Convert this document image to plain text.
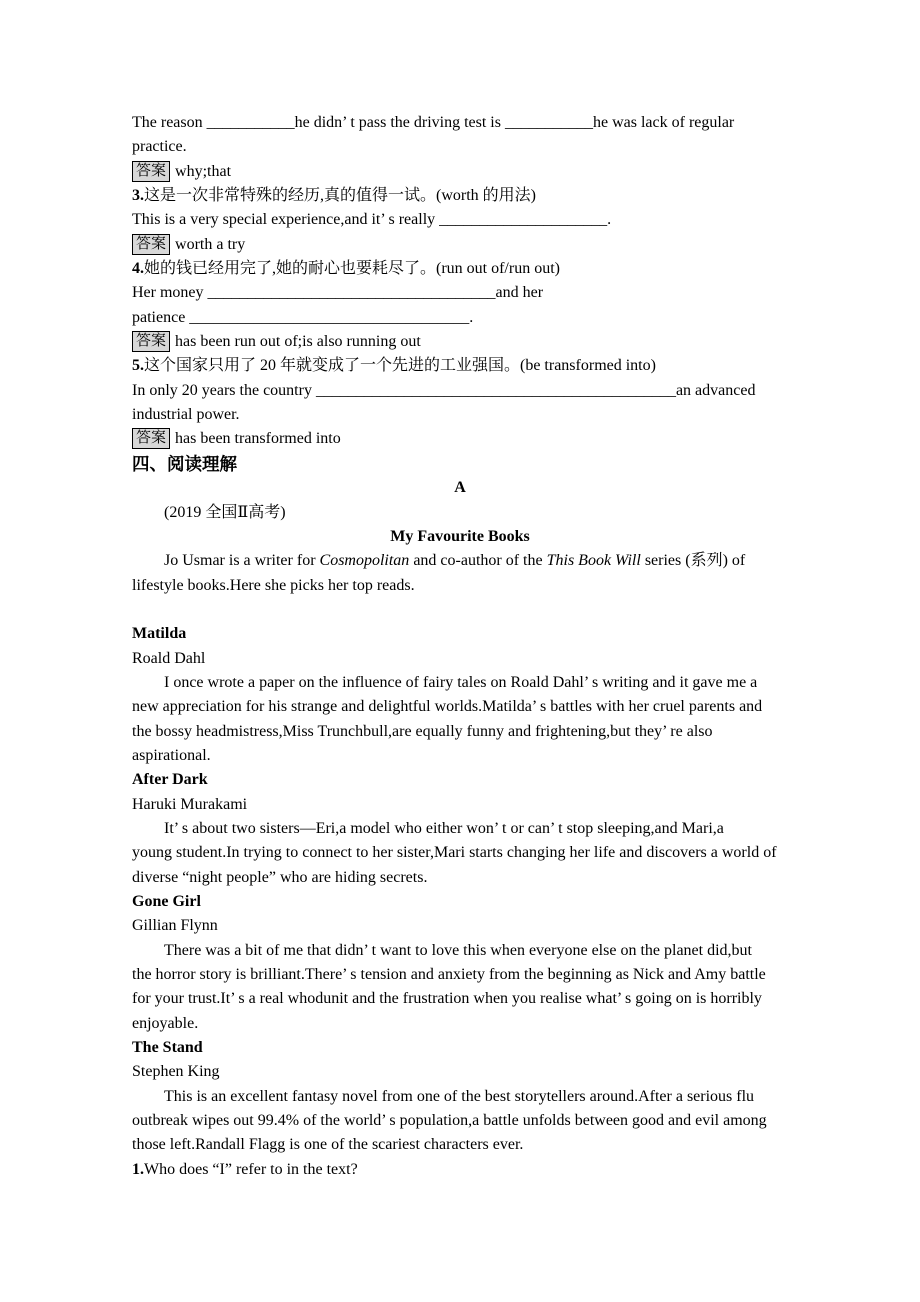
The reason ___________he didn’ t pass the driving test is ___________he was lack of regular
practice.
答案 why;that
3.这是一次非常特殊的经历,真的值得一试。(worth 的用法)
This is a very special experience,and it’ s really _____________________.
答案 worth a try
4.她的钱已经用完了,她的耐心也要耗尽了。(run out of/run out)
Her money ____________________________________and her
patience ___________________________________.
答案 has been run out of;is also running out
5.这个国家只用了 20 年就变成了一个先进的工业强国。(be transformed into)
In only 20 years the country _____________________________________________an advanced
industrial power.
答案 has been transformed into
四、阅读理解
A
(2019 全国Ⅱ高考)
My Favourite Books
Jo Usmar is a writer for Cosmopolitan and co-author of the This Book Will series (系列) of
lifestyle books.Here she picks her top reads.

Matilda
Roald Dahl
I once wrote a paper on the influence of fairy tales on Roald Dahl’ s writing and it gave me a
new appreciation for his strange and delightful worlds.Matilda’ s battles with her cruel parents and
the bossy headmistress,Miss Trunchbull,are equally funny and frightening,but they’ re also
aspirational.
After Dark
Haruki Murakami
It’ s about two sisters—Eri,a model who either won’ t or can’ t stop sleeping,and Mari,a
young student.In trying to connect to her sister,Mari starts changing her life and discovers a world of
diverse “night people” who are hiding secrets.
Gone Girl
Gillian Flynn
There was a bit of me that didn’ t want to love this when everyone else on the planet did,but
the horror story is brilliant.There’ s tension and anxiety from the beginning as Nick and Amy battle
for your trust.It’ s a real whodunit and the frustration when you realise what’ s going on is horribly
enjoyable.
The Stand
Stephen King
This is an excellent fantasy novel from one of the best storytellers around.After a serious flu
outbreak wipes out 99.4% of the world’ s population,a battle unfolds between good and evil among
those left.Randall Flagg is one of the scariest characters ever.
1.Who does “I” refer to in the text?
